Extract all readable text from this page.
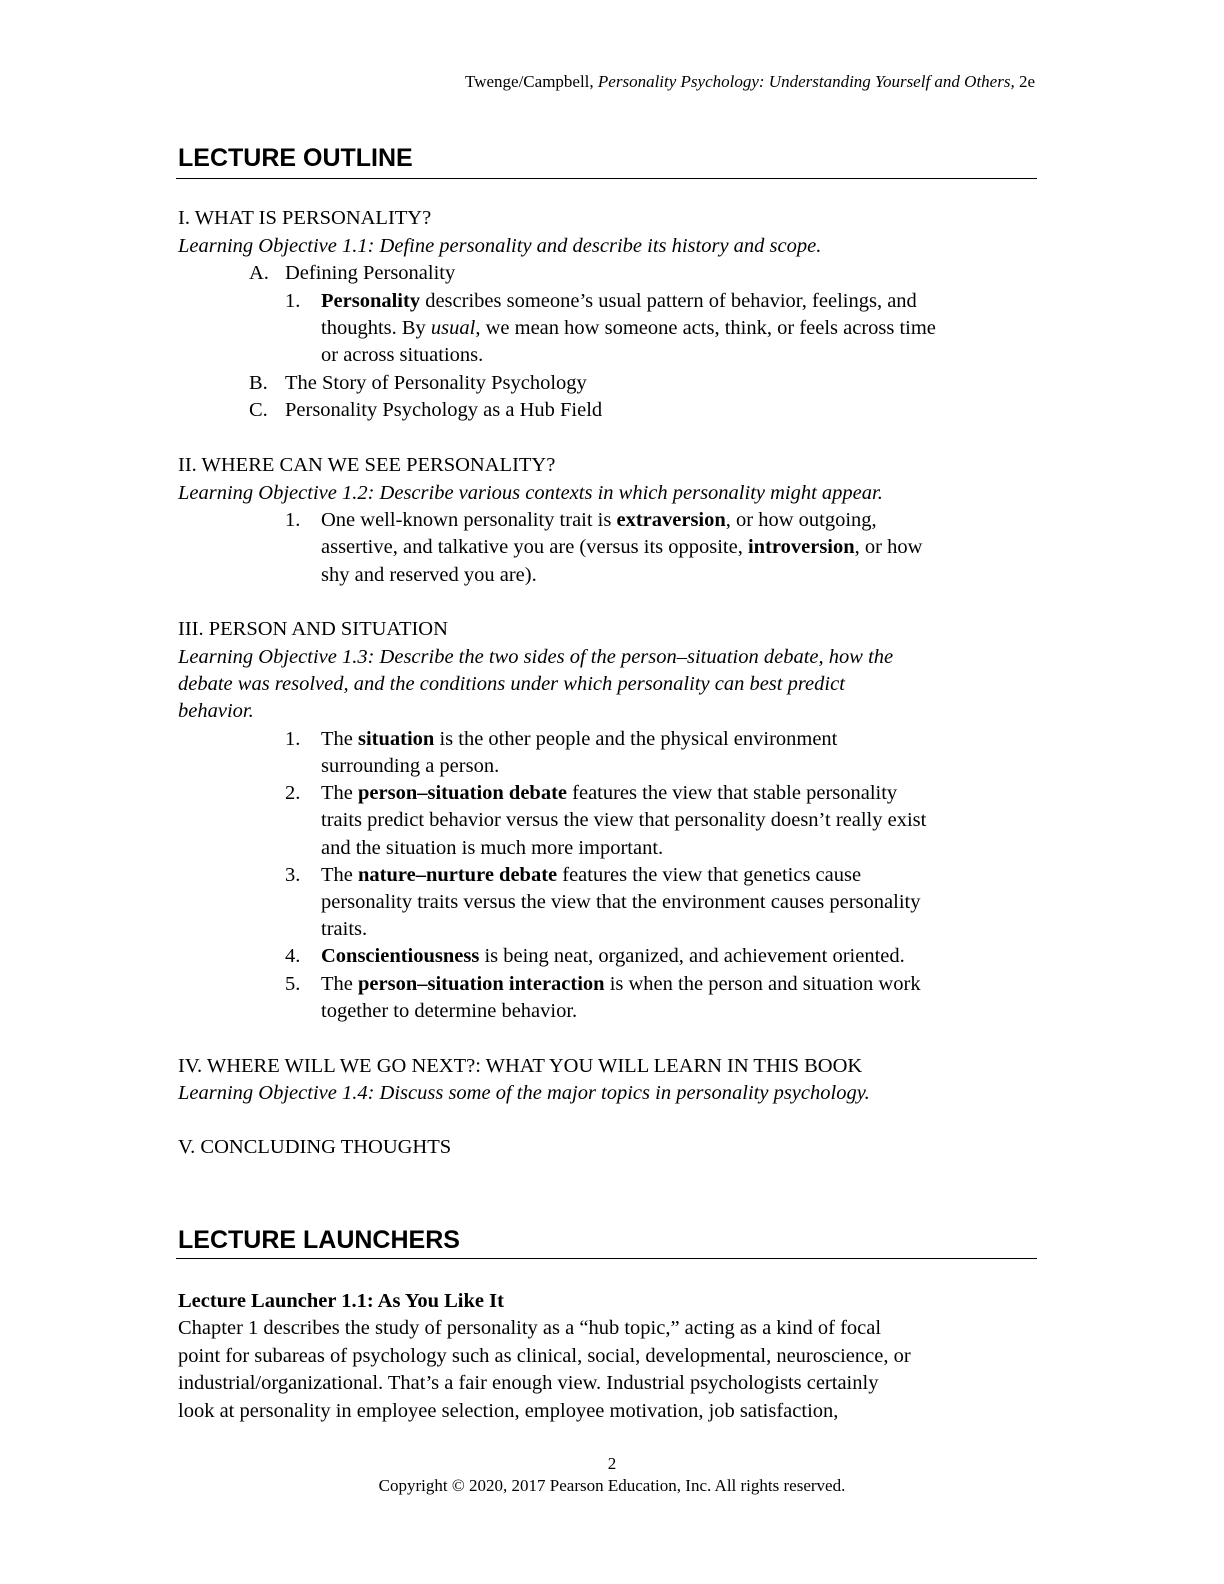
Twenge/Campbell, Personality Psychology: Understanding Yourself and Others, 2e
LECTURE OUTLINE
I. WHAT IS PERSONALITY?
Learning Objective 1.1: Define personality and describe its history and scope.
A. Defining Personality
1. Personality describes someone’s usual pattern of behavior, feelings, and
thoughts. By usual, we mean how someone acts, think, or feels across time
or across situations.
B. The Story of Personality Psychology
C. Personality Psychology as a Hub Field
II. WHERE CAN WE SEE PERSONALITY?
Learning Objective 1.2: Describe various contexts in which personality might appear.
1. One well-known personality trait is extraversion, or how outgoing,
assertive, and talkative you are (versus its opposite, introversion, or how
shy and reserved you are).
III. PERSON AND SITUATION
Learning Objective 1.3: Describe the two sides of the person–situation debate, how the
debate was resolved, and the conditions under which personality can best predict
behavior.
1. The situation is the other people and the physical environment
surrounding a person.
2. The person–situation debate features the view that stable personality
traits predict behavior versus the view that personality doesn’t really exist
and the situation is much more important.
3. The nature–nurture debate features the view that genetics cause
personality traits versus the view that the environment causes personality
traits.
4. Conscientiousness is being neat, organized, and achievement oriented.
5. The person–situation interaction is when the person and situation work
together to determine behavior.
IV. WHERE WILL WE GO NEXT?: WHAT YOU WILL LEARN IN THIS BOOK
Learning Objective 1.4: Discuss some of the major topics in personality psychology.
V. CONCLUDING THOUGHTS
LECTURE LAUNCHERS
Lecture Launcher 1.1: As You Like It
Chapter 1 describes the study of personality as a “hub topic,” acting as a kind of focal
point for subareas of psychology such as clinical, social, developmental, neuroscience, or
industrial/organizational. That’s a fair enough view. Industrial psychologists certainly
look at personality in employee selection, employee motivation, job satisfaction,
2
Copyright © 2020, 2017 Pearson Education, Inc. All rights reserved.
